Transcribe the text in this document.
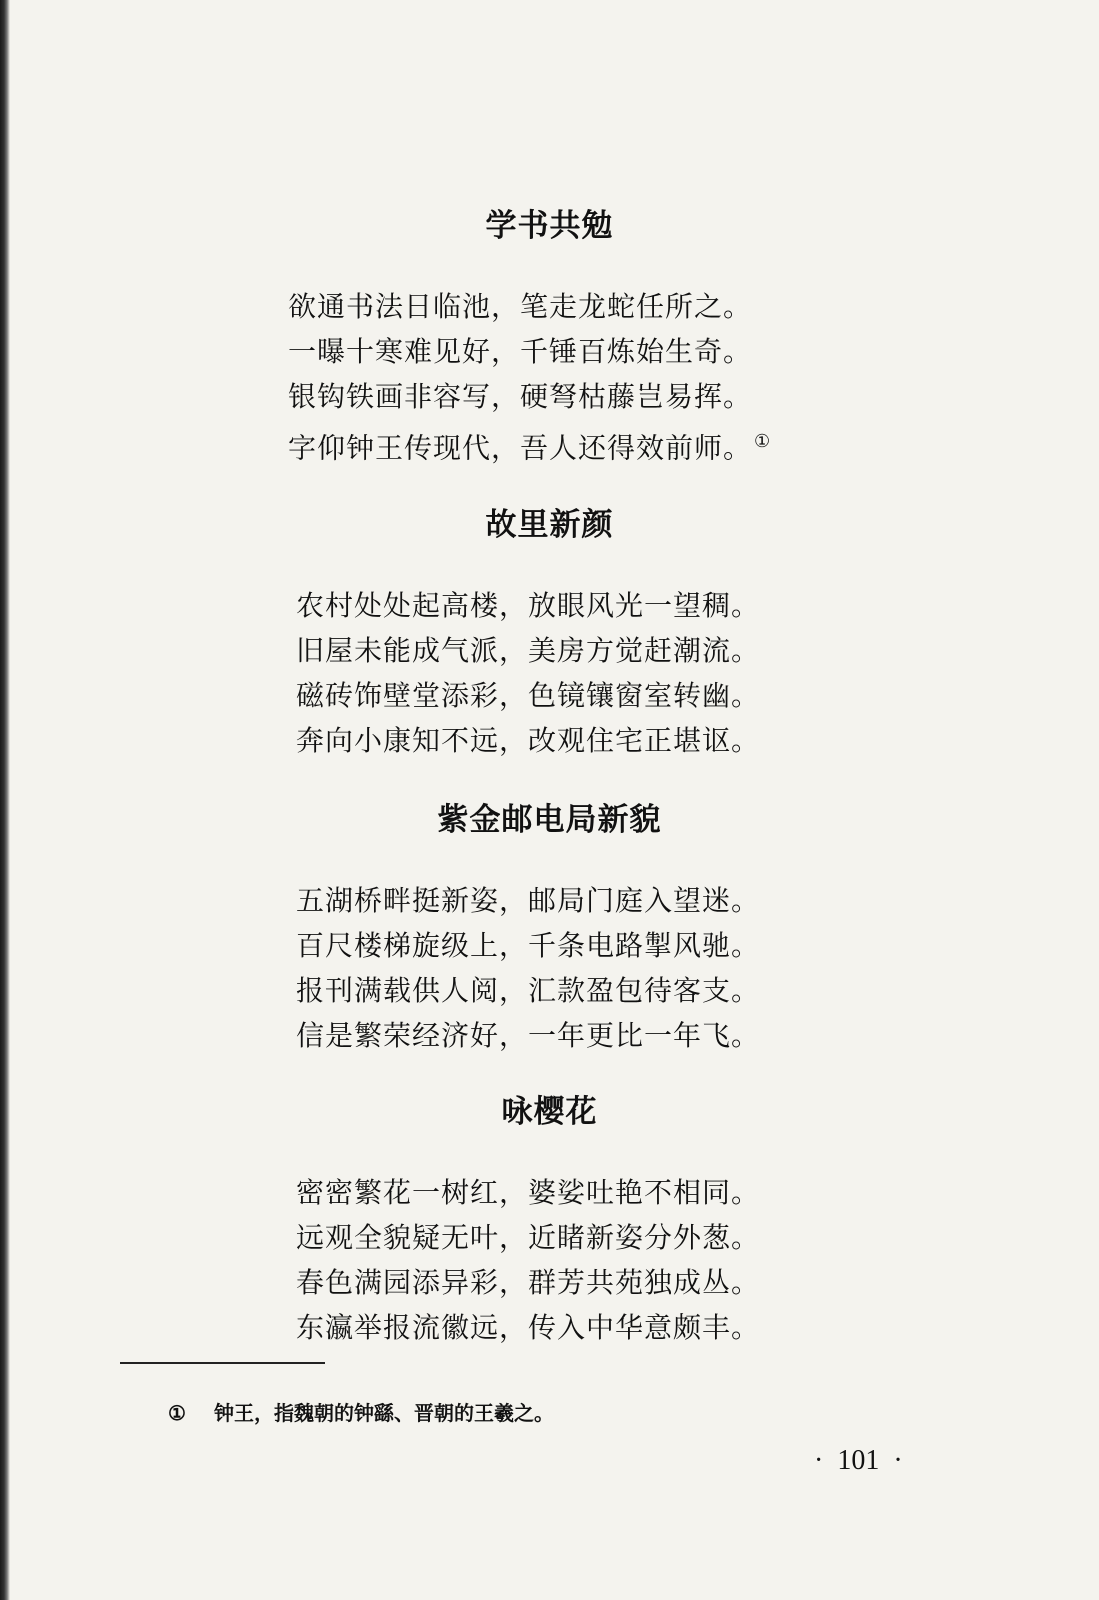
学书共勉
欲通书法日临池，笔走龙蛇任所之。
一曝十寒难见好，千锤百炼始生奇。
银钩铁画非容写，硬弩枯藤岂易挥。
字仰钟王传现代，吾人还得效前师。 ①
故里新颜
农村处处起高楼，放眼风光一望稠。
旧屋未能成气派，美房方觉赶潮流。
磁砖饰壁堂添彩，色镜镶窗室转幽。
奔向小康知不远，改观住宅正堪讴。
紫金邮电局新貌
五湖桥畔挺新姿，邮局门庭入望迷。
百尺楼梯旋级上，千条电路掣风驰。
报刊满载供人阅，汇款盈包待客支。
信是繁荣经济好，一年更比一年飞。
咏樱花
密密繁花一树红，婆娑吐艳不相同。
远观全貌疑无叶，近睹新姿分外葱。
春色满园添异彩，群芳共苑独成丛。
东瀛举报流徽远，传入中华意颇丰。
① 钟王，指魏朝的钟繇、晋朝的王羲之。
· 101 ·
